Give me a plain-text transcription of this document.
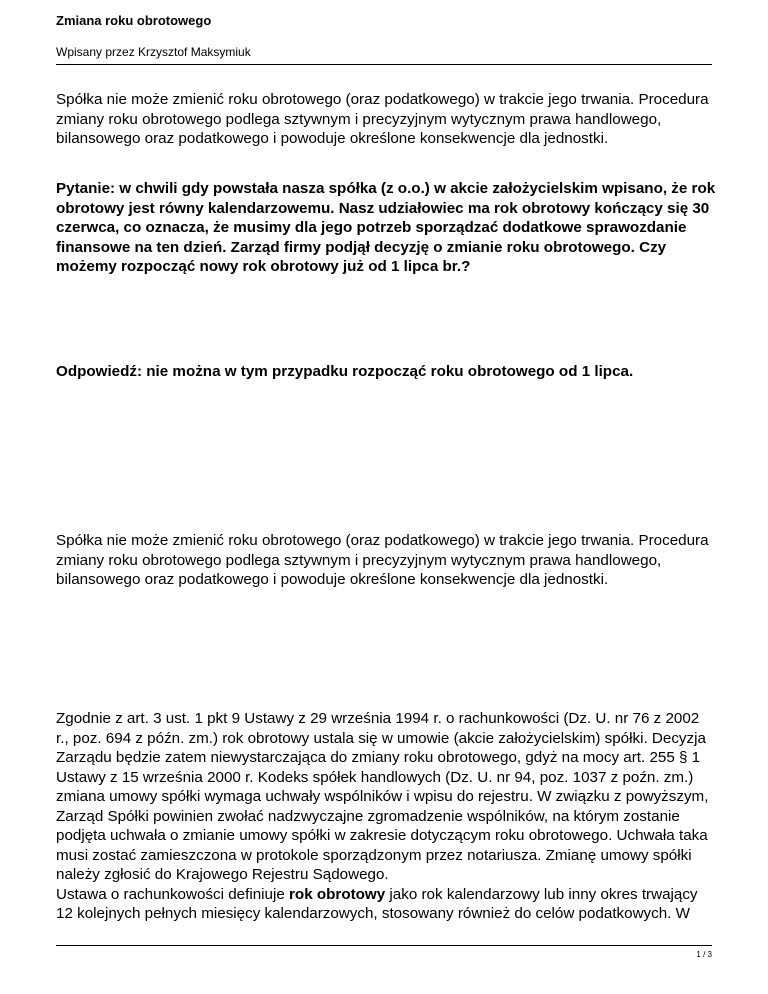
Zmiana roku obrotowego
Wpisany przez Krzysztof Maksymiuk

Spółka nie może zmienić roku obrotowego (oraz podatkowego) w trakcie jego trwania. Procedura zmiany roku obrotowego podlega sztywnym i precyzyjnym wytycznym prawa handlowego, bilansowego oraz podatkowego i powoduje określone konsekwencje dla jednostki.

Pytanie: w chwili gdy powstała nasza spółka (z o.o.) w akcie założycielskim wpisano, że rok obrotowy jest równy kalendarzowemu. Nasz udziałowiec ma rok obrotowy kończący się 30 czerwca, co oznacza, że musimy dla jego potrzeb sporządzać dodatkowe sprawozdanie finansowe na ten dzień. Zarząd firmy podjął decyzję o zmianie roku obrotowego. Czy możemy rozpocząć nowy rok obrotowy już od 1 lipca br.?

Odpowiedź: nie można w tym przypadku rozpocząć roku obrotowego od 1 lipca.

Spółka nie może zmienić roku obrotowego (oraz podatkowego) w trakcie jego trwania. Procedura zmiany roku obrotowego podlega sztywnym i precyzyjnym wytycznym prawa handlowego, bilansowego oraz podatkowego i powoduje określone konsekwencje dla jednostki.

Zgodnie z art. 3 ust. 1 pkt 9 Ustawy z 29 września 1994 r. o rachunkowości (Dz. U. nr 76 z 2002 r., poz. 694 z późn. zm.) rok obrotowy ustala się w umowie (akcie założycielskim) spółki. Decyzja Zarządu będzie zatem niewystarczająca do zmiany roku obrotowego, gdyż na mocy art. 255 § 1 Ustawy z 15 września 2000 r. Kodeks spółek handlowych (Dz. U. nr 94, poz. 1037 z poźn. zm.) zmiana umowy spółki wymaga uchwały wspólników i wpisu do rejestru. W związku z powyższym, Zarząd Spółki powinien zwołać nadzwyczajne zgromadzenie wspólników, na którym zostanie podjęta uchwała o zmianie umowy spółki w zakresie dotyczącym roku obrotowego. Uchwała taka musi zostać zamieszczona w protokole sporządzonym przez notariusza. Zmianę umowy spółki należy zgłosić do Krajowego Rejestru Sądowego.
Ustawa o rachunkowości definiuje rok obrotowy jako rok kalendarzowy lub inny okres trwający 12 kolejnych pełnych miesięcy kalendarzowych, stosowany również do celów podatkowych. W
1 / 3
